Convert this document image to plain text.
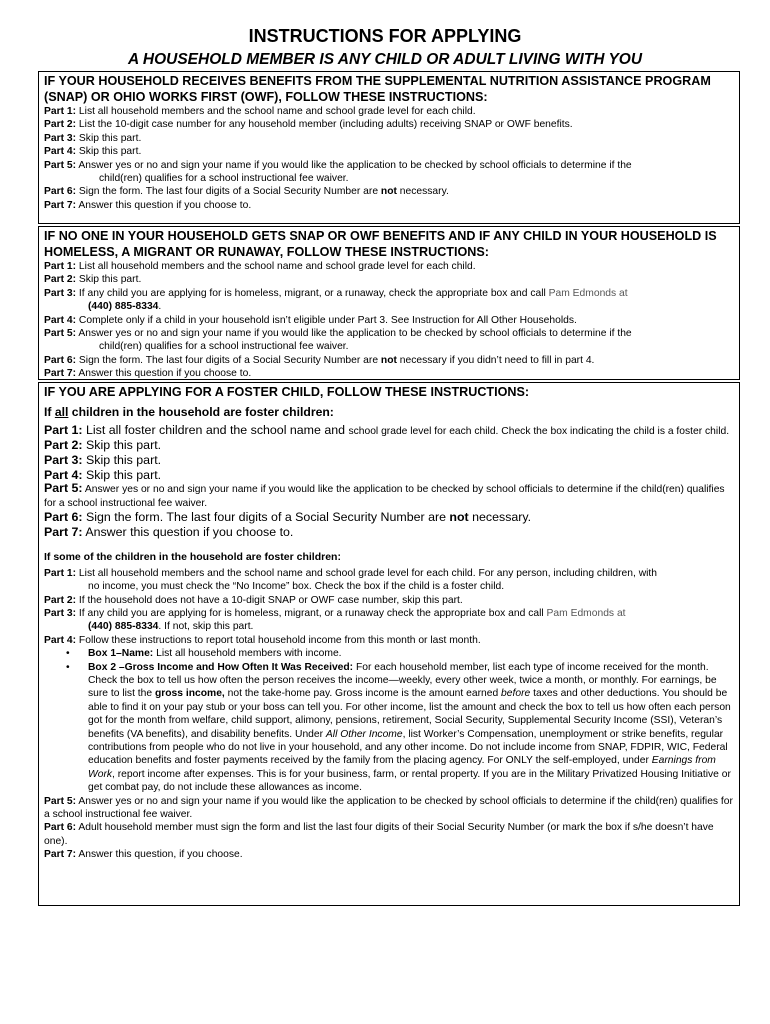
INSTRUCTIONS FOR APPLYING
A HOUSEHOLD MEMBER IS ANY CHILD OR ADULT LIVING WITH YOU

IF YOUR HOUSEHOLD RECEIVES BENEFITS FROM THE SUPPLEMENTAL NUTRITION ASSISTANCE PROGRAM (SNAP) OR OHIO WORKS FIRST (OWF), FOLLOW THESE INSTRUCTIONS:

Part 1: List all household members and the school name and school grade level for each child.

Part 2: List the 10-digit case number for any household member (including adults) receiving SNAP or OWF benefits.

Part 3: Skip this part.

Part 4: Skip this part.

Part 5: Answer yes or no and sign your name if you would like the application to be checked by school officials to determine if the

child(ren) qualifies for a school instructional fee waiver.

Part 6: Sign the form. The last four digits of a Social Security Number are not necessary.

Part 7: Answer this question if you choose to.

IF NO ONE IN YOUR HOUSEHOLD GETS SNAP OR OWF BENEFITS AND IF ANY CHILD IN YOUR HOUSEHOLD IS HOMELESS, A MIGRANT OR RUNAWAY, FOLLOW THESE INSTRUCTIONS:

Part 1: List all household members and the school name and school grade level for each child.

Part 2: Skip this part.

Part 3: If any child you are applying for is homeless, migrant, or a runaway, check the appropriate box and call Pam Edmonds at

(440) 885-8334.

Part 4: Complete only if a child in your household isn’t eligible under Part 3. See Instruction for All Other Households.

Part 5: Answer yes or no and sign your name if you would like the application to be checked by school officials to determine if the

child(ren) qualifies for a school instructional fee waiver.

Part 6: Sign the form. The last four digits of a Social Security Number are not necessary if you didn’t need to fill in part 4.

Part 7: Answer this question if you choose to.

IF YOU ARE APPLYING FOR A FOSTER CHILD, FOLLOW THESE INSTRUCTIONS:

If all children in the household are foster children:

Part 1: List all foster children and the school name and school grade level for each child. Check the box indicating the child is a foster child.

Part 2: Skip this part.

Part 3: Skip this part.

Part 4: Skip this part.

Part 5: Answer yes or no and sign your name if you would like the application to be checked by school officials to determine if the child(ren) qualifies for a school instructional fee waiver.

Part 6: Sign the form. The last four digits of a Social Security Number are not necessary.

Part 7: Answer this question if you choose to.

If some of the children in the household are foster children:

Part 1: List all household members and the school name and school grade level for each child. For any person, including children, with

no income, you must check the “No Income” box. Check the box if the child is a foster child.

Part 2: If the household does not have a 10-digit SNAP or OWF case number, skip this part.

Part 3: If any child you are applying for is homeless, migrant, or a runaway check the appropriate box and call Pam Edmonds at

(440) 885-8334. If not, skip this part.

Part 4: Follow these instructions to report total household income from this month or last month.

• Box 1–Name: List all household members with income.

• Box 2 –Gross Income and How Often It Was Received: For each household member, list each type of income received for the month. Check the box to tell us how often the person receives the income—weekly, every other week, twice a month, or monthly. For earnings, be sure to list the gross income, not the take-home pay. Gross income is the amount earned before taxes and other deductions. You should be able to find it on your pay stub or your boss can tell you. For other income, list the amount and check the box to tell us how often each person got for the month from welfare, child support, alimony, pensions, retirement, Social Security, Supplemental Security Income (SSI), Veteran’s benefits (VA benefits), and disability benefits. Under All Other Income, list Worker’s Compensation, unemployment or strike benefits, regular contributions from people who do not live in your household, and any other income. Do not include income from SNAP, FDPIR, WIC, Federal education benefits and foster payments received by the family from the placing agency. For ONLY the self-employed, under Earnings from Work, report income after expenses. This is for your business, farm, or rental property. If you are in the Military Privatized Housing Initiative or get combat pay, do not include these allowances as income.

Part 5: Answer yes or no and sign your name if you would like the application to be checked by school officials to determine if the child(ren) qualifies for a school instructional fee waiver.

Part 6: Adult household member must sign the form and list the last four digits of their Social Security Number (or mark the box if s/he doesn’t have one).

Part 7: Answer this question, if you choose.
